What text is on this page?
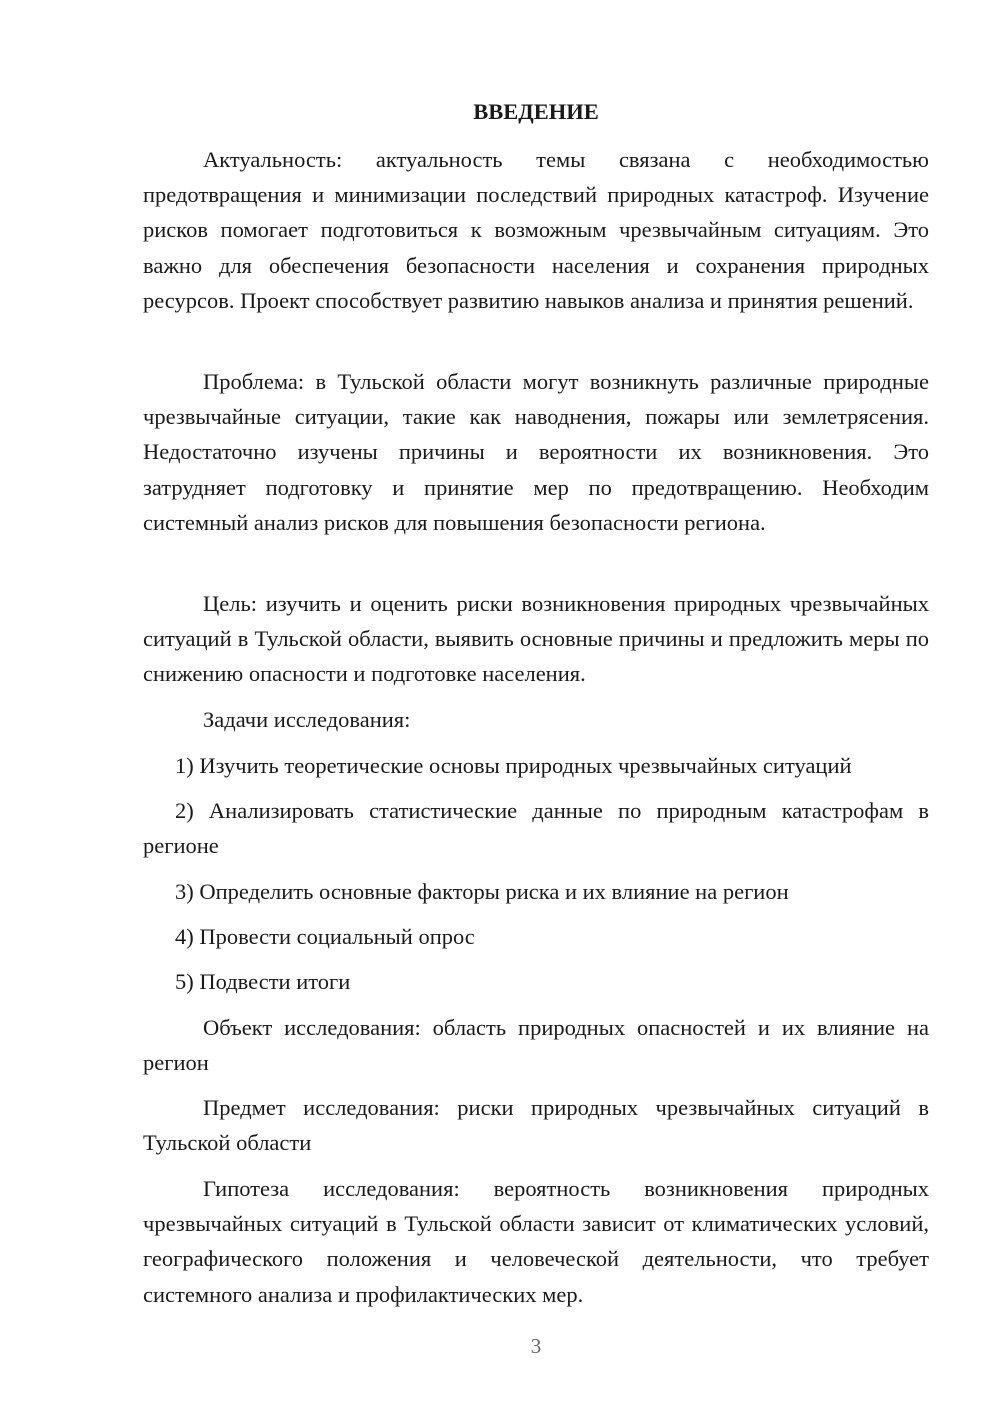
ВВЕДЕНИЕ

Актуальность: актуальность темы связана с необходимостью предотвращения и минимизации последствий природных катастроф. Изучение рисков помогает подготовиться к возможным чрезвычайным ситуациям. Это важно для обеспечения безопасности населения и сохранения природных ресурсов. Проект способствует развитию навыков анализа и принятия решений.

Проблема: в Тульской области могут возникнуть различные природные чрезвычайные ситуации, такие как наводнения, пожары или землетрясения. Недостаточно изучены причины и вероятности их возникновения. Это затрудняет подготовку и принятие мер по предотвращению. Необходим системный анализ рисков для повышения безопасности региона.

Цель: изучить и оценить риски возникновения природных чрезвычайных ситуаций в Тульской области, выявить основные причины и предложить меры по снижению опасности и подготовке населения.

Задачи исследования:

1) Изучить теоретические основы природных чрезвычайных ситуаций

2) Анализировать статистические данные по природным катастрофам в регионе

3) Определить основные факторы риска и их влияние на регион

4) Провести социальный опрос

5) Подвести итоги

Объект исследования: область природных опасностей и их влияние на регион

Предмет исследования: риски природных чрезвычайных ситуаций в Тульской области

Гипотеза исследования: вероятность возникновения природных чрезвычайных ситуаций в Тульской области зависит от климатических условий, географического положения и человеческой деятельности, что требует системного анализа и профилактических мер.

3
